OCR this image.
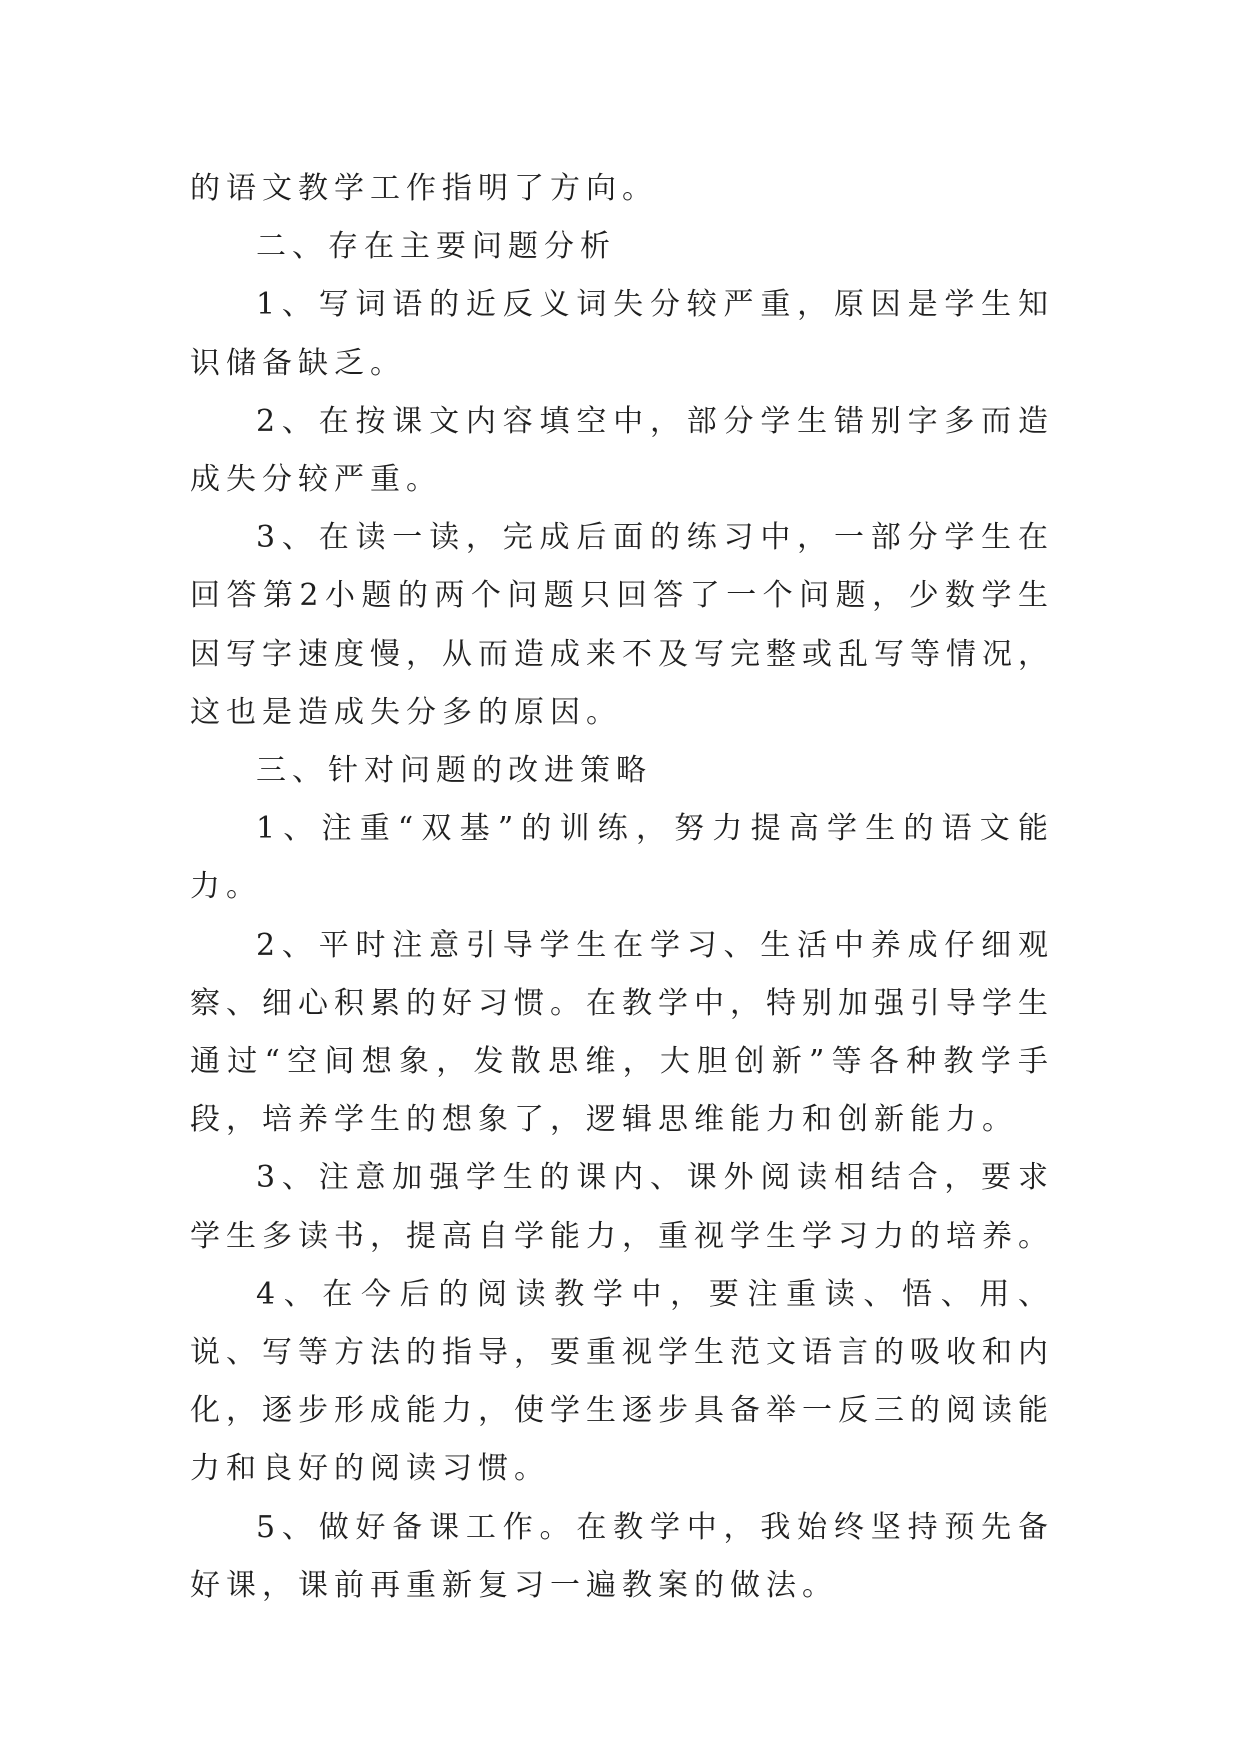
的语文教学工作指明了方向。

二、存在主要问题分析

1、写词语的近反义词失分较严重，原因是学生知识储备缺乏。

2、在按课文内容填空中，部分学生错别字多而造成失分较严重。

3、在读一读，完成后面的练习中，一部分学生在回答第2小题的两个问题只回答了一个问题，少数学生因写字速度慢，从而造成来不及写完整或乱写等情况，这也是造成失分多的原因。

三、针对问题的改进策略

1、注重“双基”的训练，努力提高学生的语文能力。

2、平时注意引导学生在学习、生活中养成仔细观察、细心积累的好习惯。在教学中，特别加强引导学生通过“空间想象，发散思维，大胆创新”等各种教学手段，培养学生的想象了，逻辑思维能力和创新能力。

3、注意加强学生的课内、课外阅读相结合，要求学生多读书，提高自学能力，重视学生学习力的培养。

4、在今后的阅读教学中，要注重读、悟、用、说、写等方法的指导，要重视学生范文语言的吸收和内化，逐步形成能力，使学生逐步具备举一反三的阅读能力和良好的阅读习惯。

5、做好备课工作。在教学中，我始终坚持预先备好课，课前再重新复习一遍教案的做法。
